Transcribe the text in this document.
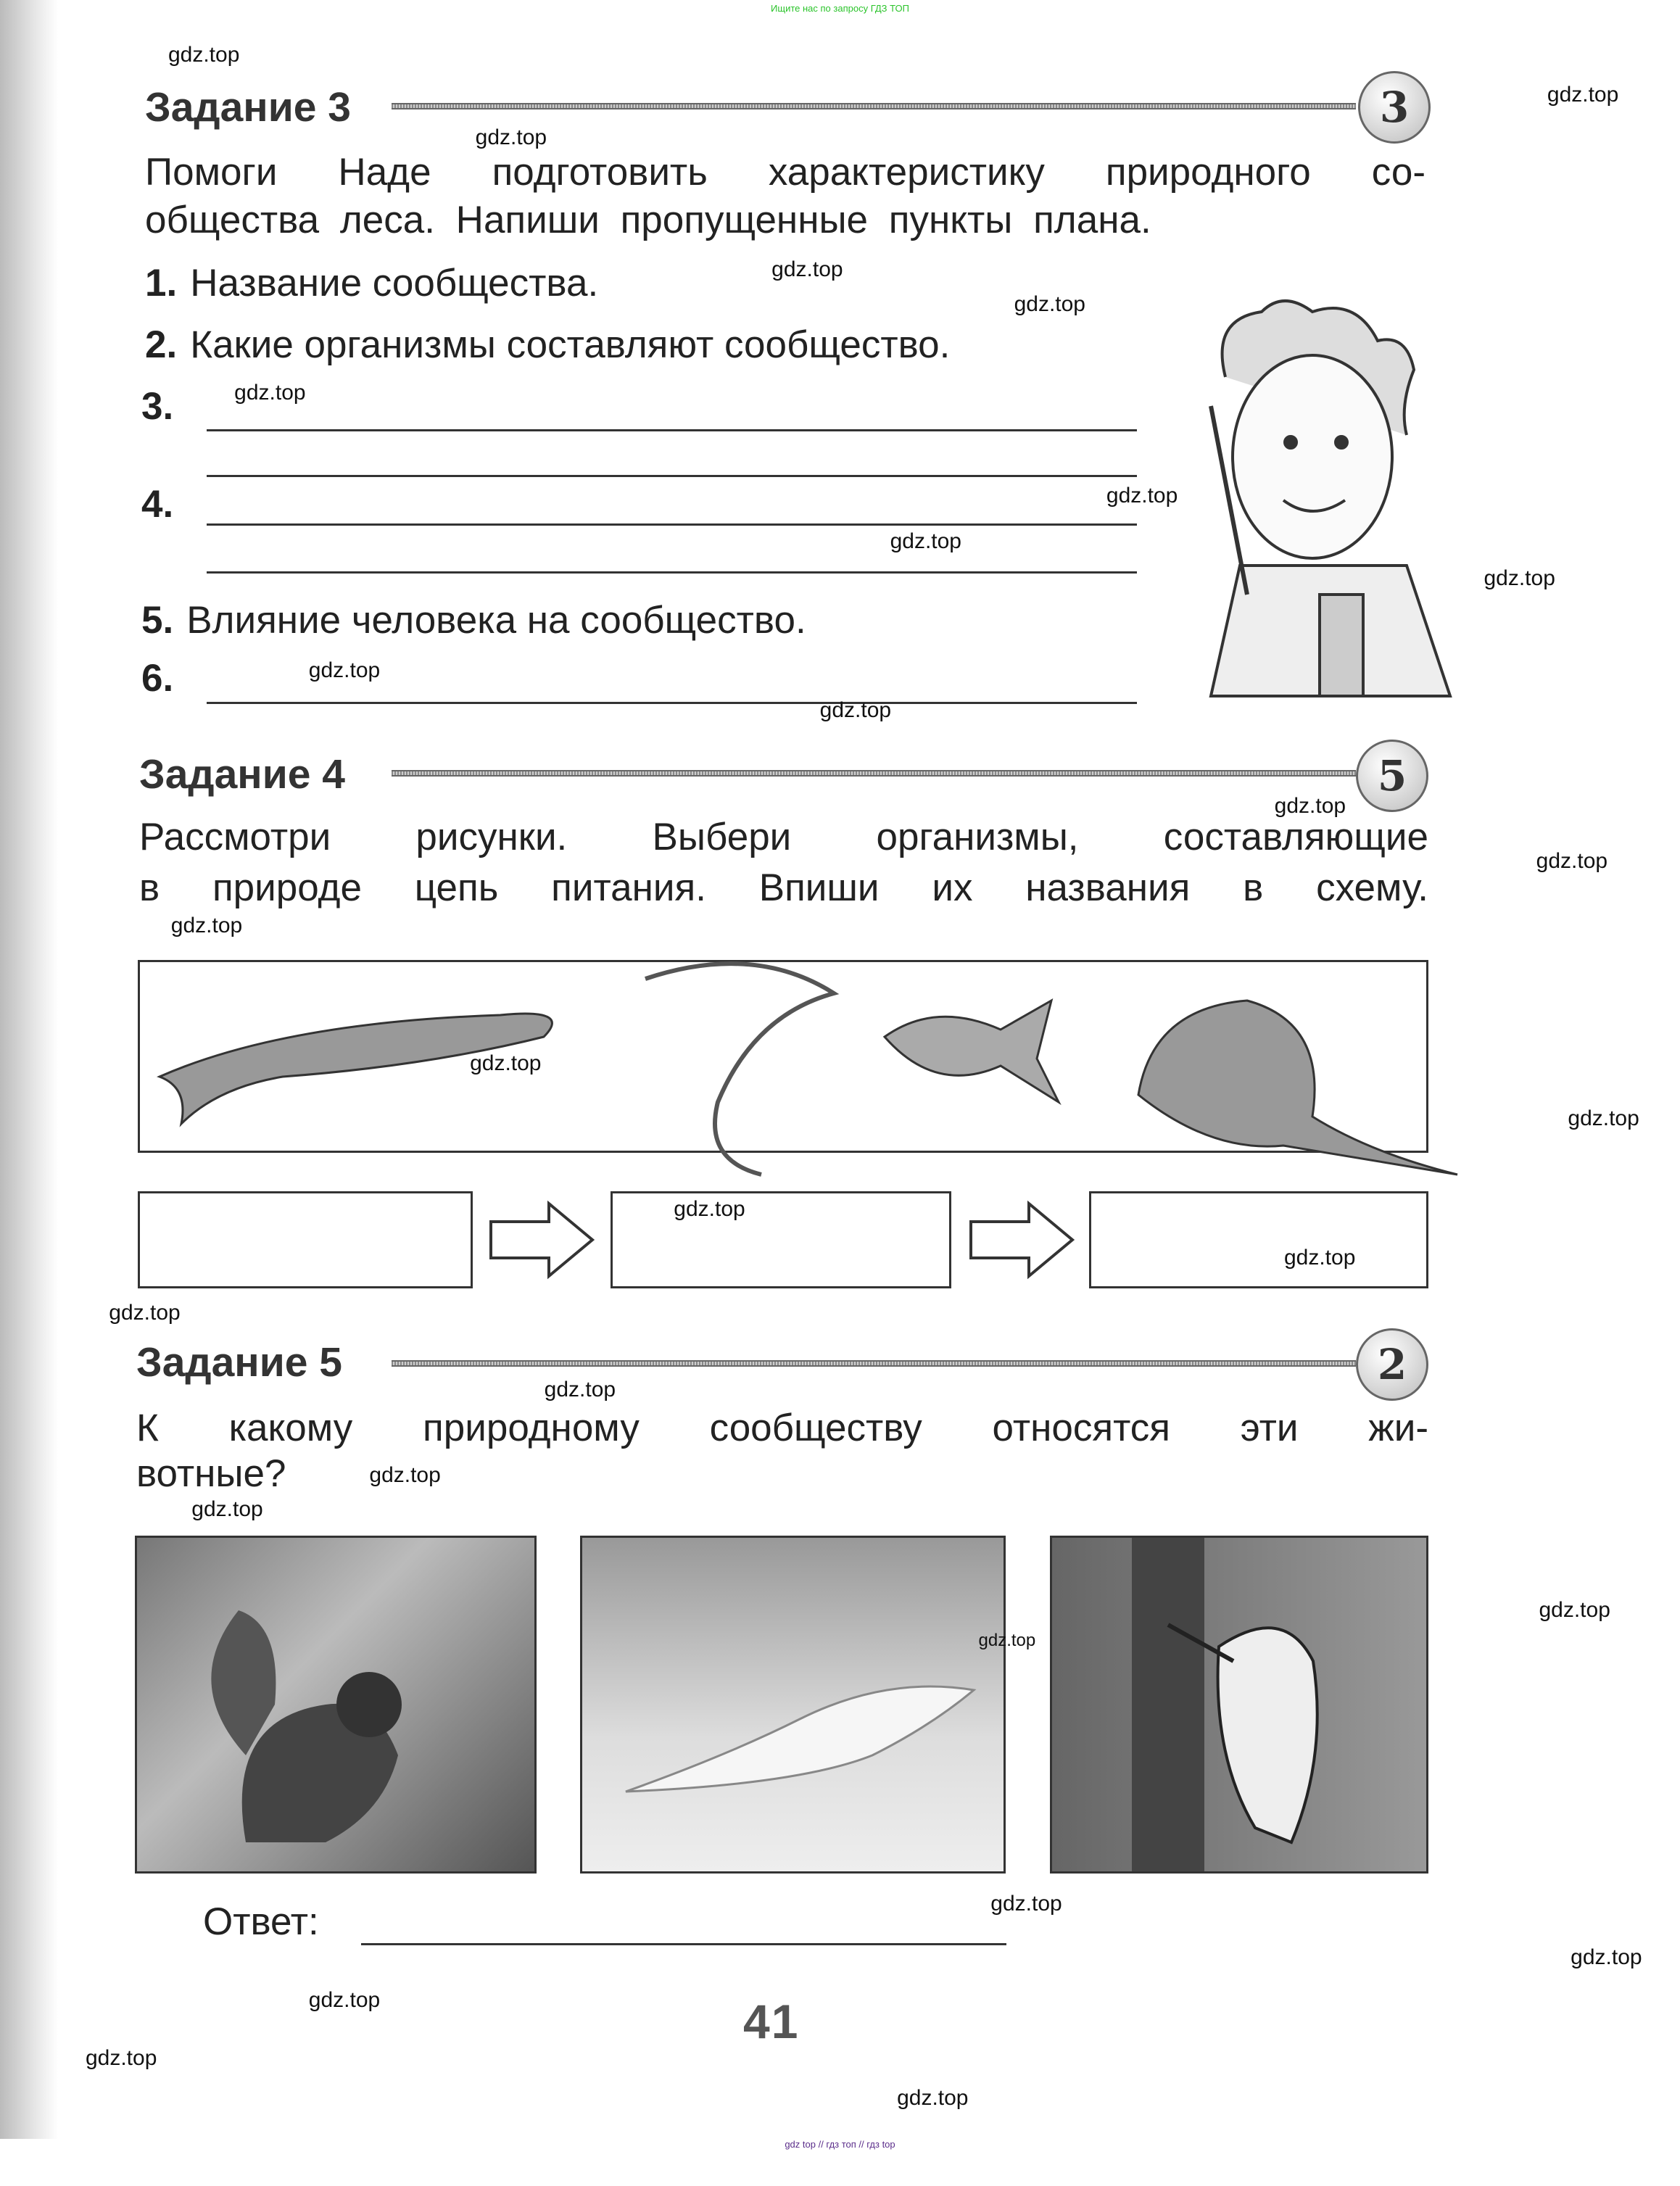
Ищите нас по запросу ГДЗ ТОП
Задание 3	3
Помоги Наде подготовить характеристику природного со-
общества леса. Напиши пропущенные пункты плана.
1. Название сообщества.
2. Какие организмы составляют сообщество.
3.
4.
5. Влияние человека на сообщество.
6.
Задание 4	5
Рассмотри рисунки. Выбери организмы, составляющие
в природе цепь питания. Впиши их названия в схему.
Задание 5	2
К какому природному сообществу относятся эти жи-
вотные?
Ответ:
41
gdz top // гдз топ // гдз top
gdz.top
gdz.top
gdz.top
gdz.top
gdz.top
gdz.top
gdz.top
gdz.top
gdz.top
gdz.top
gdz.top
gdz.top
gdz.top
gdz.top
gdz.top
gdz.top
gdz.top
gdz.top
gdz.top
gdz.top
gdz.top
gdz.top
gdz.top
gdz.top
gdz.top
gdz.top
gdz.top
gdz.top
gdz.top
